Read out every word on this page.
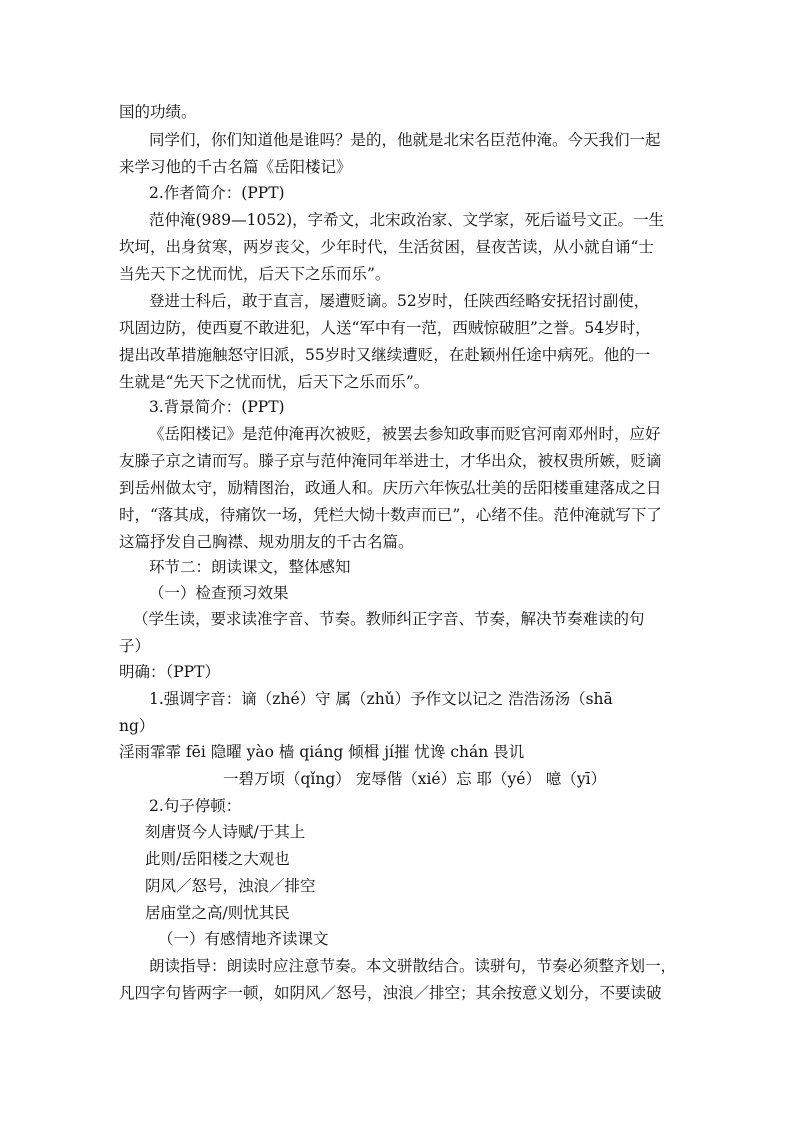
国的功绩。
同学们，你们知道他是谁吗？是的，他就是北宋名臣范仲淹。今天我们一起
来学习他的千古名篇《岳阳楼记》
2.作者简介：(PPT)
范仲淹(989—1052)，字希文，北宋政治家、文学家，死后谥号文正。一生
坎坷，出身贫寒，两岁丧父，少年时代，生活贫困，昼夜苦读，从小就自诵“士
当先天下之忧而忧，后天下之乐而乐”。
登进士科后，敢于直言，屡遭贬谪。52岁时，任陕西经略安抚招讨副使，
巩固边防，使西夏不敢进犯，人送“军中有一范，西贼惊破胆”之誉。54岁时，
提出改革措施触怒守旧派，55岁时又继续遭贬，在赴颖州任途中病死。他的一
生就是“先天下之忧而忧，后天下之乐而乐”。
3.背景简介：(PPT)
《岳阳楼记》是范仲淹再次被贬，被罢去参知政事而贬官河南邓州时，应好
友滕子京之请而写。滕子京与范仲淹同年举进士，才华出众，被权贵所嫉，贬谪
到岳州做太守，励精图治，政通人和。庆历六年恢弘壮美的岳阳楼重建落成之日
时，“落其成，待痛饮一场，凭栏大恸十数声而已”，心绪不佳。范仲淹就写下了
这篇抒发自己胸襟、规劝朋友的千古名篇。
环节二：朗读课文，整体感知
（一）检查预习效果
（学生读，要求读准字音、节奏。教师纠正字音、节奏，解决节奏难读的句
子）
明确：（PPT）
1.强调字音：谪（zhé）守 属（zhǔ）予作文以记之 浩浩汤汤（shā
ng）
淫雨霏霏 fēi 隐曜 yào 樯 qiáng 倾楫 jí摧 忧谗 chán 畏讥
一碧万顷（qǐng） 宠辱偕（xié）忘 耶（yé） 噫（yī）
2.句子停顿：
刻唐贤今人诗赋/于其上
此则/岳阳楼之大观也
阴风／怒号，浊浪／排空
居庙堂之高/则忧其民
（一）有感情地齐读课文
朗读指导：朗读时应注意节奏。本文骈散结合。读骈句，节奏必须整齐划一，
凡四字句皆两字一顿，如阴风／怒号，浊浪／排空；其余按意义划分，不要读破
